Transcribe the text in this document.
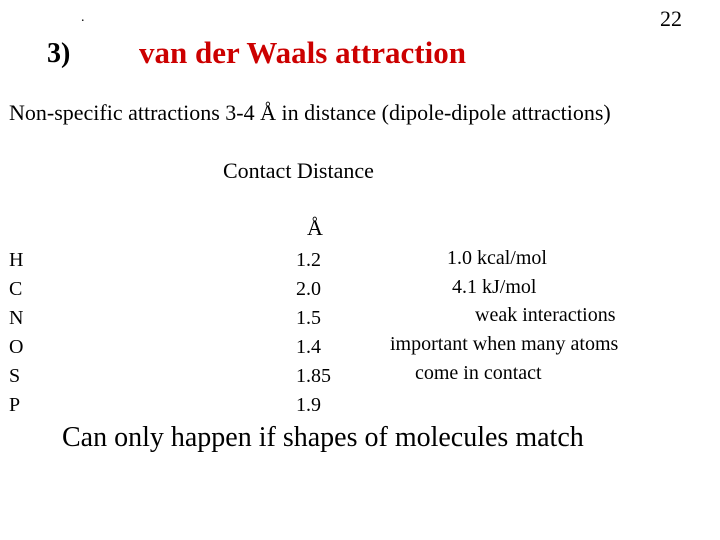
.	22
3) van der Waals attraction
Non-specific attractions 3-4 Å in distance (dipole-dipole attractions)
Contact Distance
Å
H
C
N
O
S
P
1.2
2.0
1.5
1.4
1.85
1.9
1.0 kcal/mol
4.1 kJ/mol
weak interactions
important when many atoms
come in contact
Can only happen if shapes of molecules match
